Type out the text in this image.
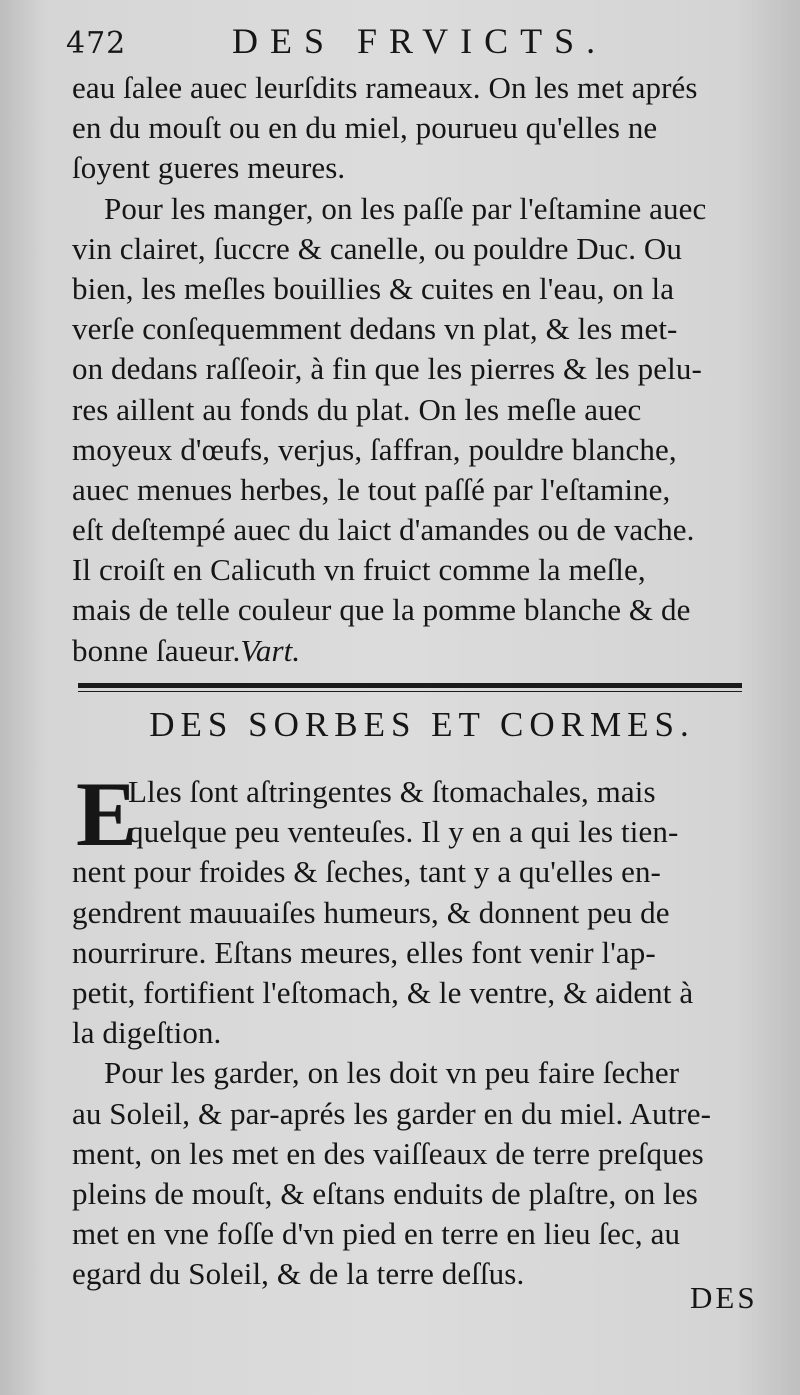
472	DES FRVICTS.
eau ſalee auec leurſdits rameaux. On les met aprés
en du mouſt ou en du miel, pourueu qu'elles ne
ſoyent gueres meures.
Pour les manger, on les paſſe par l'eſtamine auec
vin clairet, ſuccre & canelle, ou pouldre Duc. Ou
bien, les meſles bouillies & cuites en l'eau, on la
verſe conſequemment dedans vn plat, & les met-
on dedans raſſeoir, à fin que les pierres & les pelu-
res aillent au fonds du plat. On les meſle auec
moyeux d'œufs, verjus, ſaffran, pouldre blanche,
auec menues herbes, le tout paſſé par l'eſtamine,
eſt deſtempé auec du laict d'amandes ou de vache.
Il croiſt en Calicuth vn fruict comme la meſle,
mais de telle couleur que la pomme blanche & de
bonne ſaueur.Vart.
DES SORBES ET CORMES.
E
Lles ſont aſtringentes & ſtomachales, mais
quelque peu venteuſes. Il y en a qui les tien-
nent pour froides & ſeches, tant y a qu'elles en-
gendrent mauuaiſes humeurs, & donnent peu de
nourrirure. Eſtans meures, elles font venir l'ap-
petit, fortifient l'eſtomach, & le ventre, & aident à
la digeſtion.
Pour les garder, on les doit vn peu faire ſecher
au Soleil, & par-aprés les garder en du miel. Autre-
ment, on les met en des vaiſſeaux de terre preſques
pleins de mouſt, & eſtans enduits de plaſtre, on les
met en vne foſſe d'vn pied en terre en lieu ſec, au
egard du Soleil, & de la terre deſſus.
DES
